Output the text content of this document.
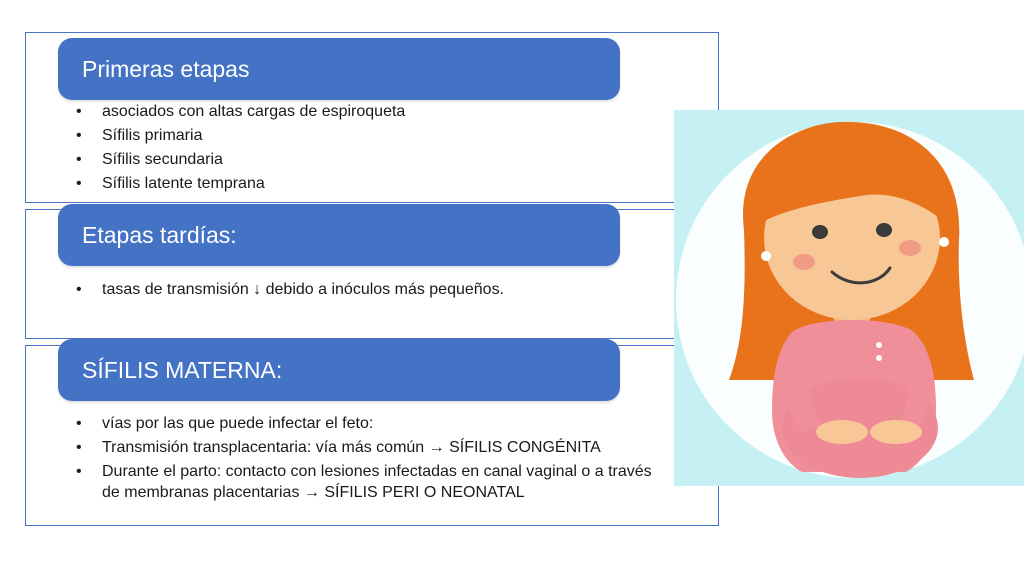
Primeras etapas
• asociados con altas cargas de espiroqueta
• Sífilis primaria
• Sífilis secundaria
• Sífilis latente temprana
Etapas tardías:
• tasas de transmisión ↓ debido a inóculos más pequeños.
SÍFILIS MATERNA:
• vías por las que puede infectar el feto:
• Transmisión transplacentaria: vía más común → SÍFILIS CONGÉNITA
• Durante el parto: contacto con lesiones infectadas en canal vaginal o a través de membranas placentarias → SÍFILIS PERI O NEONATAL
